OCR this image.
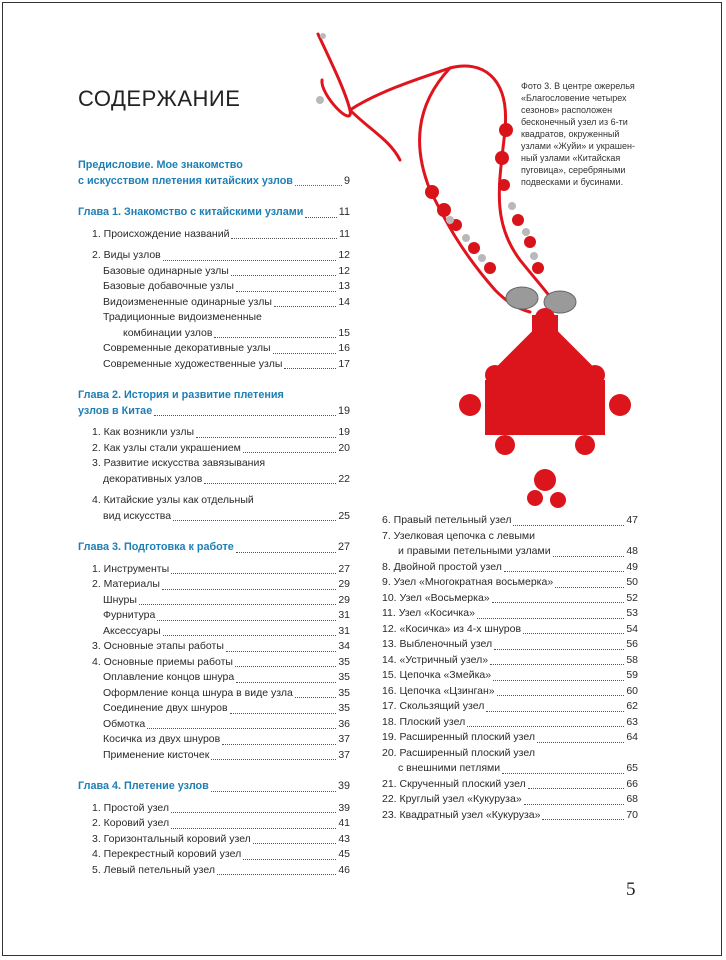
СОДЕРЖАНИЕ	Фото 3. В центре ожерелья
«Благословение четырех
сезонов» расположен
бесконечный узел из 6-ти
квадратов, окруженный
узлами «Жуйи» и украшен-
ный узлами «Китайская
пуговица», серебряными
подвесками и бусинами.
Предисловие. Мое знакомство
с искусством плетения китайских узлов	9
Глава 1. Знакомство с китайскими узлами	11
1. Происхождение названий	11
2. Виды узлов	12
Базовые одинарные узлы	12
Базовые добавочные узлы	13
Видоизмененные одинарные узлы	14
Традиционные видоизмененные
комбинации узлов	15
Современные декоративные узлы	16
Современные художественные узлы	17
Глава 2. История и развитие плетения
узлов в Китае	19
1. Как возникли узлы	19
2. Как узлы стали украшением	20
3. Развитие искусства завязывания
декоративных узлов	22
4. Китайские узлы как отдельный
вид искусства	25
Глава 3. Подготовка к работе	27
1. Инструменты	27
2. Материалы	29
Шнуры	29
Фурнитура	31
Аксессуары	31
3. Основные этапы работы	34
4. Основные приемы работы	35
Оплавление концов шнура	35
Оформление конца шнура в виде узла	35
Соединение двух шнуров	35
Обмотка	36
Косичка из двух шнуров	37
Применение кисточек	37
Глава 4. Плетение узлов	39
1. Простой узел	39
2. Коровий узел	41
3. Горизонтальный коровий узел	43
4. Перекрестный коровий узел	45
5. Левый петельный узел	46
6. Правый петельный узел	47
7. Узелковая цепочка с левыми
и правыми петельными узлами	48
8. Двойной простой узел	49
9. Узел «Многократная восьмерка»	50
10. Узел «Восьмерка»	52
11. Узел «Косичка»	53
12. «Косичка» из 4-х шнуров	54
13. Выбленочный узел	56
14. «Устричный узел»	58
15. Цепочка «Змейка»	59
16. Цепочка «Цзинган»	60
17. Скользящий узел	62
18. Плоский узел	63
19. Расширенный плоский узел	64
20. Расширенный плоский узел
с внешними петлями	65
21. Скрученный плоский узел	66
22. Круглый узел «Кукуруза»	68
23. Квадратный узел «Кукуруза»	70
5
